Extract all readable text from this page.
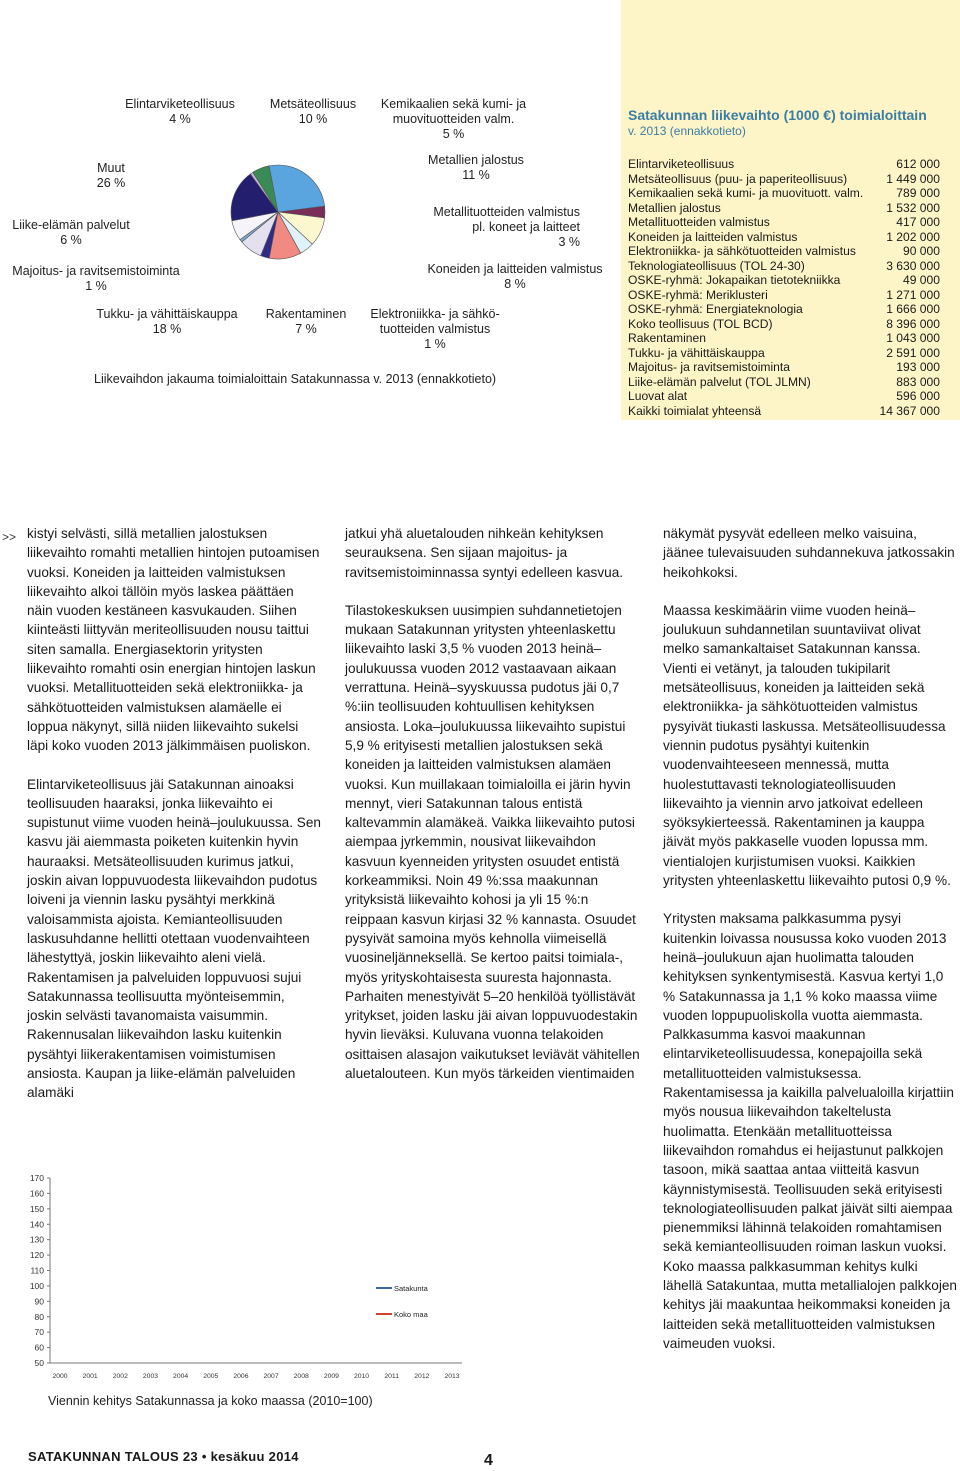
Elintarviketeollisuus
4 %
Metsäteollisuus
10 %
Kemikaalien sekä kumi- ja
muovituotteiden valm.
5 %
Metallien jalostus
11 %
Metallituotteiden valmistus
pl. koneet ja laitteet
3 %
Koneiden ja laitteiden valmistus
8 %
Elektroniikka- ja sähkö-
tuotteiden valmistus
1 %
Rakentaminen
7 %
Tukku- ja vähittäiskauppa
18 %
Majoitus- ja ravitsemistoiminta
1 %
Liike-elämän palvelut
6 %
Muut
26 %
Liikevaihdon jakauma toimialoittain Satakunnassa v. 2013 (ennakkotieto)
Satakunnan liikevaihto (1000 €) toimialoittain
v. 2013 (ennakkotieto)
Elintarviketeollisuus	612 000
Metsäteollisuus (puu- ja paperiteollisuus)	1 449 000
Kemikaalien sekä kumi- ja muovituott. valm.	789 000
Metallien jalostus	1 532 000
Metallituotteiden valmistus	417 000
Koneiden ja laitteiden valmistus	1 202 000
Elektroniikka- ja sähkötuotteiden valmistus	90 000
Teknologiateollisuus (TOL 24-30)	3 630 000
OSKE-ryhmä: Jokapaikan tietotekniikka	49 000
OSKE-ryhmä: Meriklusteri	1 271 000
OSKE-ryhmä: Energiateknologia	1 666 000
Koko teollisuus (TOL BCD)	8 396 000
Rakentaminen	1 043 000
Tukku- ja vähittäiskauppa	2 591 000
Majoitus- ja ravitsemistoiminta	193 000
Liike-elämän palvelut (TOL JLMN)	883 000
Luovat alat	596 000
Kaikki toimialat yhteensä	14 367 000
>> kistyi selvästi, sillä metallien jalostuksen liikevaihto romahti metallien hintojen putoamisen vuoksi. Koneiden ja laitteiden valmistuksen liikevaihto alkoi tällöin myös laskea päättäen näin vuoden kestäneen kasvukauden. Siihen kiinteästi liittyvän meriteollisuuden nousu taittui siten samalla. Energiasektorin yritysten liikevaihto romahti osin energian hintojen laskun vuoksi. Metallituotteiden sekä elektroniikka- ja sähkötuotteiden valmistuksen alamäelle ei loppua näkynyt, sillä niiden liikevaihto sukelsi läpi koko vuoden 2013 jälkimmäisen puoliskon.

Elintarviketeollisuus jäi Satakunnan ainoaksi teollisuuden haaraksi, jonka liikevaihto ei supistunut viime vuoden heinä–joulukuussa. Sen kasvu jäi aiemmasta poiketen kuitenkin hyvin hauraaksi. Metsäteollisuuden kurimus jatkui, joskin aivan loppuvuodesta liikevaihdon pudotus loiveni ja viennin lasku pysähtyi merkkinä valoisammista ajoista. Kemianteollisuuden laskusuhdanne hellitti otettaan vuodenvaihteen lähestyttyä, joskin liikevaihto aleni vielä. Rakentamisen ja palveluiden loppuvuosi sujui Satakunnassa teollisuutta myönteisemmin, joskin selvästi tavanomaista vaisummin. Rakennusalan liikevaihdon lasku kuitenkin pysähtyi liikerakentamisen voimistumisen ansiosta. Kaupan ja liike-elämän palveluiden alamäki

jatkui yhä aluetalouden nihkeän kehityksen seurauksena. Sen sijaan majoitus- ja ravitsemistoiminnassa syntyi edelleen kasvua.

Tilastokeskuksen uusimpien suhdannetietojen mukaan Satakunnan yritysten yhteenlaskettu liikevaihto laski 3,5 % vuoden 2013 heinä–joulukuussa vuoden 2012 vastaavaan aikaan verrattuna. Heinä–syyskuussa pudotus jäi 0,7 %:iin teollisuuden kohtuullisen kehityksen ansiosta. Loka–joulukuussa liikevaihto supistui 5,9 % erityisesti metallien jalostuksen sekä koneiden ja laitteiden valmistuksen alamäen vuoksi. Kun muillakaan toimialoilla ei järin hyvin mennyt, vieri Satakunnan talous entistä kaltevammin alamäkeä. Vaikka liikevaihto putosi aiempaa jyrkemmin, nousivat liikevaihdon kasvuun kyenneiden yritysten osuudet entistä korkeammiksi. Noin 49 %:ssa maakunnan yrityksistä liikevaihto kohosi ja yli 15 %:n reippaan kasvun kirjasi 32 % kannasta. Osuudet pysyivät samoina myös kehnolla viimeisellä vuosineljänneksellä. Se kertoo paitsi toimiala-, myös yrityskohtaisesta suuresta hajonnasta. Parhaiten menestyivät 5–20 henkilöä työllistävät yritykset, joiden lasku jäi aivan loppuvuodestakin hyvin lieväksi. Kuluvana vuonna telakoiden osittaisen alasajon vaikutukset leviävät vähitellen aluetalouteen. Kun myös tärkeiden vientimaiden

näkymät pysyvät edelleen melko vaisuina, jäänee tulevaisuuden suhdannekuva jatkossakin heikohkoksi.

Maassa keskimäärin viime vuoden heinä–joulukuun suhdannetilan suuntaviivat olivat melko samankaltaiset Satakunnan kanssa. Vienti ei vetänyt, ja talouden tukipilarit metsäteollisuus, koneiden ja laitteiden sekä elektroniikka- ja sähkötuotteiden valmistus pysyivät tiukasti laskussa. Metsäteollisuudessa viennin pudotus pysähtyi kuitenkin vuodenvaihteeseen mennessä, mutta huolestuttavasti teknologiateollisuuden liikevaihto ja viennin arvo jatkoivat edelleen syöksykierteessä. Rakentaminen ja kauppa jäivät myös pakkaselle vuoden lopussa mm. vientialojen kurjistumisen vuoksi. Kaikkien yritysten yhteenlaskettu liikevaihto putosi 0,9 %.

Yritysten maksama palkkasumma pysyi kuitenkin loivassa nousussa koko vuoden 2013 heinä–joulukuun ajan huolimatta talouden kehityksen synkentymisestä. Kasvua kertyi 1,0 % Satakunnassa ja 1,1 % koko maassa viime vuoden loppupuoliskolla vuotta aiemmasta. Palkkasumma kasvoi maakunnan elintarviketeollisuudessa, konepajoilla sekä metallituotteiden valmistuksessa. Rakentamisessa ja kaikilla palvelualoilla kirjattiin myös nousua liikevaihdon takeltelusta huolimatta. Etenkään metallituotteissa liikevaihdon romahdus ei heijastunut palkkojen tasoon, mikä saattaa antaa viitteitä kasvun käynnistymisestä. Teollisuuden sekä erityisesti teknologiateollisuuden palkat jäivät silti aiempaa pienemmiksi lähinnä telakoiden romahtamisen sekä kemianteollisuuden roiman laskun vuoksi. Koko maassa palkkasumman kehitys kulki lähellä Satakuntaa, mutta metallialojen palkkojen kehitys jäi maakuntaa heikommaksi koneiden ja laitteiden sekä metallituotteiden valmistuksen vaimeuden vuoksi.

50
60
70
80
90
100
110
120
130
140
150
160
170
2000 2001 2002 2003 2004 2005 2006 2007 2008 2009 2010 2011 2012 2013
Satakunta
Koko maa
Viennin kehitys Satakunnassa ja koko maassa (2010=100)
SATAKUNNAN TALOUS 23 • kesäkuu 2014	4
